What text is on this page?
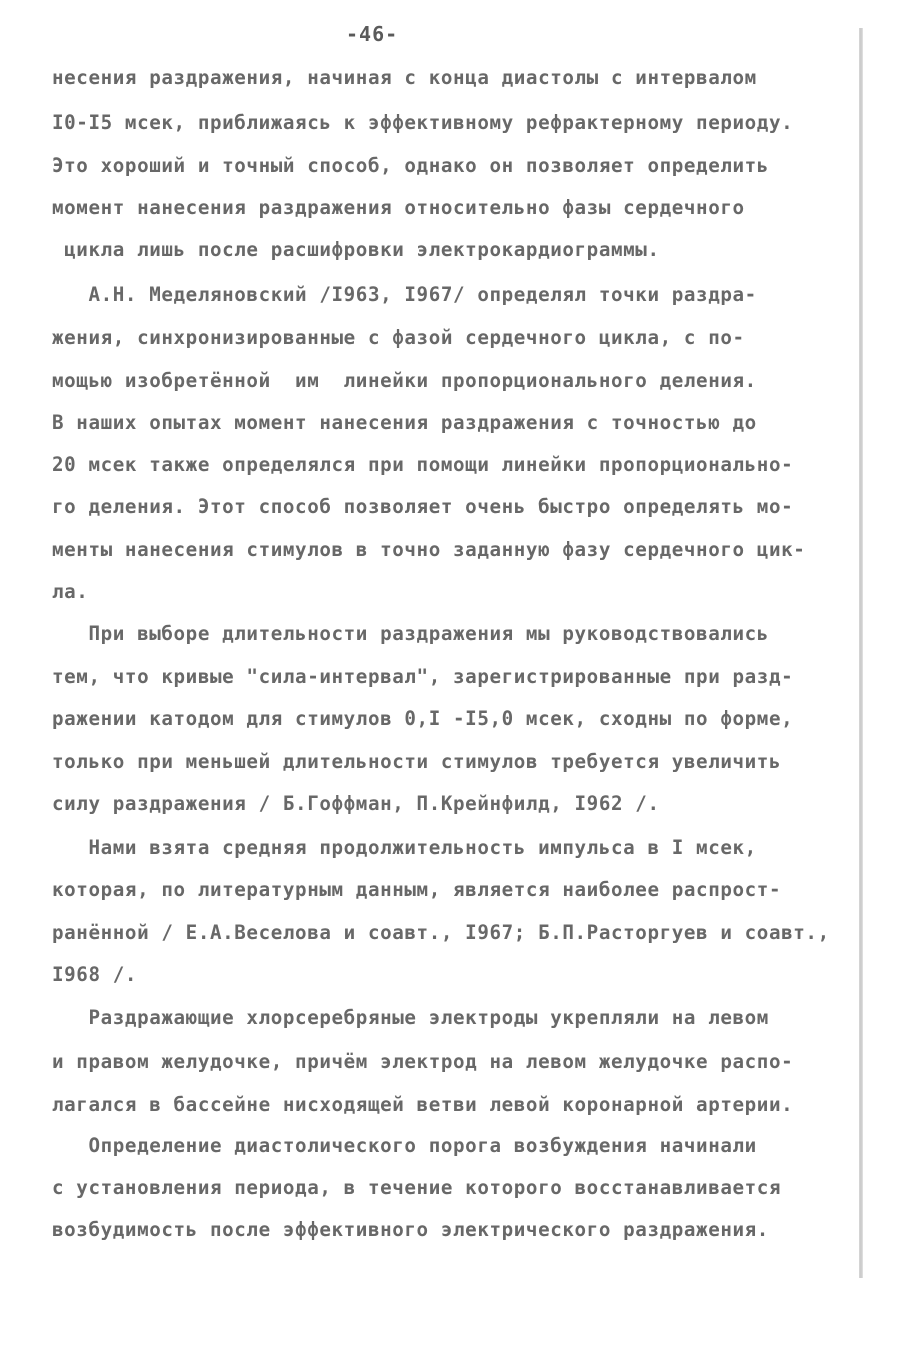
-46-
несения раздражения, начиная с конца диастолы с интервалом
I0-I5 мсек, приближаясь к эффективному рефрактерному периоду.
Это хороший и точный способ, однако он позволяет определить
момент нанесения раздражения относительно фазы сердечного
цикла лишь после расшифровки электрокардиограммы.
А.Н. Меделяновский /I963, I967/ определял точки раздра-
жения, синхронизированные с фазой сердечного цикла, с по-
мощью изобретённой  им  линейки пропорционального деления.
В наших опытах момент нанесения раздражения с точностью до
20 мсек также определялся при помощи линейки пропорционально-
го деления. Этот способ позволяет очень быстро определять мо-
менты нанесения стимулов в точно заданную фазу сердечного цик-
ла.
При выборе длительности раздражения мы руководствовались
тем, что кривые "сила-интервал", зарегистрированные при разд-
ражении катодом для стимулов 0,I -I5,0 мсек, сходны по форме,
только при меньшей длительности стимулов требуется увеличить
силу раздражения / Б.Гоффман, П.Крейнфилд, I962 /.
Нами взята средняя продолжительность импульса в I мсек,
которая, по литературным данным, является наиболее распрост-
ранённой / Е.А.Веселова и соавт., I967; Б.П.Расторгуев и соавт.,
I968 /.
Раздражающие хлорсеребряные электроды укрепляли на левом
и правом желудочке, причём электрод на левом желудочке распо-
лагался в бассейне нисходящей ветви левой коронарной артерии.
Определение диастолического порога возбуждения начинали
с установления периода, в течение которого восстанавливается
возбудимость после эффективного электрического раздражения.
